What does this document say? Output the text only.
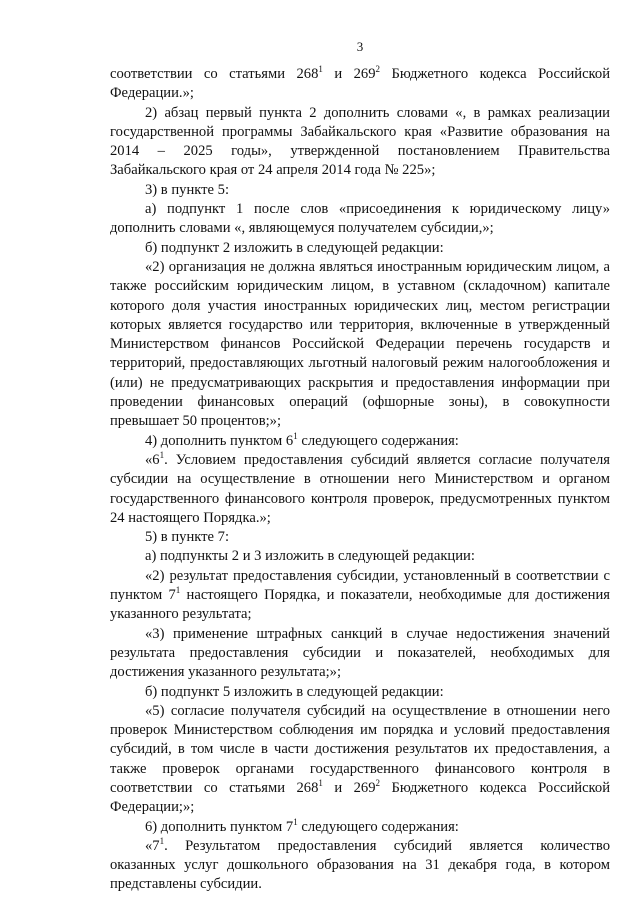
3

соответствии со статьями $268^1$ и $269^2$ Бюджетного кодекса Российской Федерации.»;

2) абзац первый пункта 2 дополнить словами «, в рамках реализации государственной программы Забайкальского края «Развитие образования на 2014 – 2025 годы», утвержденной постановлением Правительства Забайкальского края от 24 апреля 2014 года № 225»;

3) в пункте 5:

а) подпункт 1 после слов «присоединения к юридическому лицу» дополнить словами «, являющемуся получателем субсидии,»;

б) подпункт 2 изложить в следующей редакции:

«2) организация не должна являться иностранным юридическим лицом, а также российским юридическим лицом, в уставном (складочном) капитале которого доля участия иностранных юридических лиц, местом регистрации которых является государство или территория, включенные в утвержденный Министерством финансов Российской Федерации перечень государств и территорий, предоставляющих льготный налоговый режим налогообложения и (или) не предусматривающих раскрытия и предоставления информации при проведении финансовых операций (офшорные зоны), в совокупности превышает 50 процентов;»;

4) дополнить пунктом $6^1$ следующего содержания:

«$6^1$. Условием предоставления субсидий является согласие получателя субсидии на осуществление в отношении него Министерством и органом государственного финансового контроля проверок, предусмотренных пунктом 24 настоящего Порядка.»;

5) в пункте 7:

а) подпункты 2 и 3 изложить в следующей редакции:

«2) результат предоставления субсидии, установленный в соответствии с пунктом $7^1$ настоящего Порядка, и показатели, необходимые для достижения указанного результата;

«3) применение штрафных санкций в случае недостижения значений результата предоставления субсидии и показателей, необходимых для достижения указанного результата;»;

б) подпункт 5 изложить в следующей редакции:

«5) согласие получателя субсидий на осуществление в отношении него проверок Министерством соблюдения им порядка и условий предоставления субсидий, в том числе в части достижения результатов их предоставления, а также проверок органами государственного финансового контроля в соответствии со статьями $268^1$ и $269^2$ Бюджетного кодекса Российской Федерации;»;

6) дополнить пунктом $7^1$ следующего содержания:

«$7^1$. Результатом предоставления субсидий является количество оказанных услуг дошкольного образования на 31 декабря года, в котором представлены субсидии.
